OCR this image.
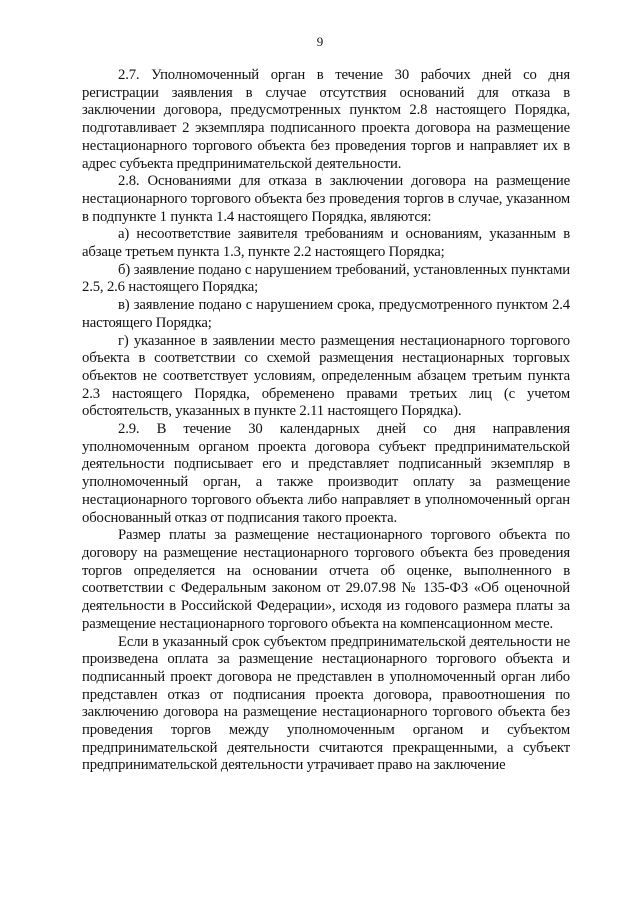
9

2.7. Уполномоченный орган в течение 30 рабочих дней со дня регистрации заявления в случае отсутствия оснований для отказа в заключении договора, предусмотренных пунктом 2.8 настоящего Порядка, подготавливает 2 экземпляра подписанного проекта договора на размещение нестационарного торгового объекта без проведения торгов и направляет их в адрес субъекта предпринимательской деятельности.

2.8. Основаниями для отказа в заключении договора на размещение нестационарного торгового объекта без проведения торгов в случае, указанном в подпункте 1 пункта 1.4 настоящего Порядка, являются:

а) несоответствие заявителя требованиям и основаниям, указанным в абзаце третьем пункта 1.3, пункте 2.2 настоящего Порядка;

б) заявление подано с нарушением требований, установленных пунктами 2.5, 2.6 настоящего Порядка;

в) заявление подано с нарушением срока, предусмотренного пунктом 2.4 настоящего Порядка;

г) указанное в заявлении место размещения нестационарного торгового объекта в соответствии со схемой размещения нестационарных торговых объектов не соответствует условиям, определенным абзацем третьим пункта 2.3 настоящего Порядка, обременено правами третьих лиц (с учетом обстоятельств, указанных в пункте 2.11 настоящего Порядка).

2.9. В течение 30 календарных дней со дня направления уполномоченным органом проекта договора субъект предпринимательской деятельности подписывает его и представляет подписанный экземпляр в уполномоченный орган, а также производит оплату за размещение нестационарного торгового объекта либо направляет в уполномоченный орган обоснованный отказ от подписания такого проекта.

Размер платы за размещение нестационарного торгового объекта по договору на размещение нестационарного торгового объекта без проведения торгов определяется на основании отчета об оценке, выполненного в соответствии с Федеральным законом от 29.07.98 № 135-ФЗ «Об оценочной деятельности в Российской Федерации», исходя из годового размера платы за размещение нестационарного торгового объекта на компенсационном месте.

Если в указанный срок субъектом предпринимательской деятельности не произведена оплата за размещение нестационарного торгового объекта и подписанный проект договора не представлен в уполномоченный орган либо представлен отказ от подписания проекта договора, правоотношения по заключению договора на размещение нестационарного торгового объекта без проведения торгов между уполномоченным органом и субъектом предпринимательской деятельности считаются прекращенными, а субъект предпринимательской деятельности утрачивает право на заключение
